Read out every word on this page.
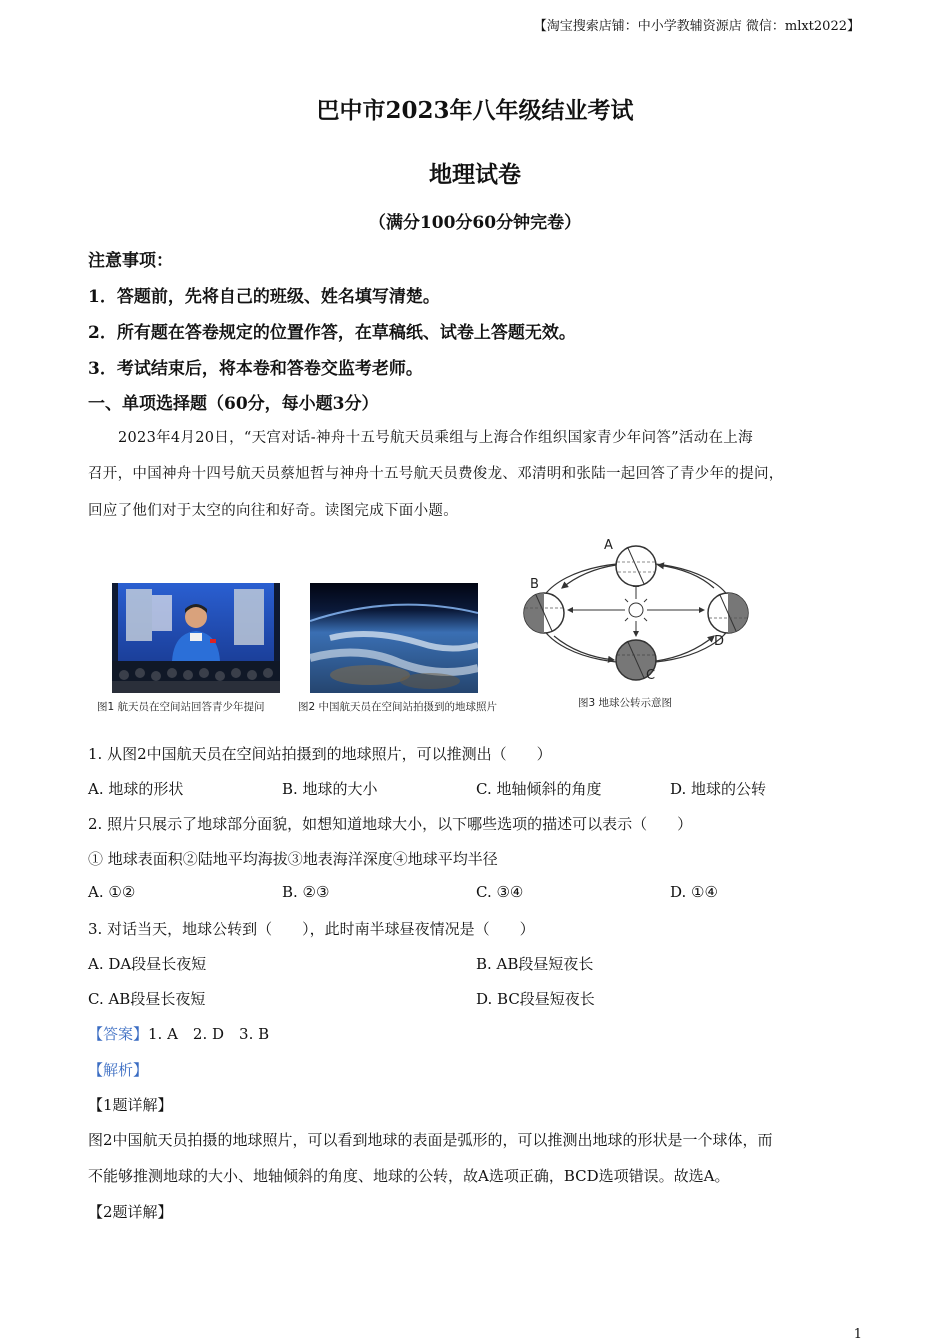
【淘宝搜索店铺：中小学教辅资源店 微信：mlxt2022】
巴中市2023年八年级结业考试
地理试卷
（满分100分60分钟完卷）
注意事项：
1．答题前，先将自己的班级、姓名填写清楚。
2．所有题在答卷规定的位置作答，在草稿纸、试卷上答题无效。
3．考试结束后，将本卷和答卷交监考老师。
一、单项选择题（60分，每小题3分）
2023年4月20日，“天宫对话-神舟十五号航天员乘组与上海合作组织国家青少年问答”活动在上海
召开，中国神舟十四号航天员蔡旭哲与神舟十五号航天员费俊龙、邓清明和张陆一起回答了青少年的提问，
回应了他们对于太空的向往和好奇。读图完成下面小题。
图1 航天员在空间站回答青少年提问	图2 中国航天员在空间站拍摄到的地球照片
A
B
C
D
图3 地球公转示意图
1. 从图2中国航天员在空间站拍摄到的地球照片，可以推测出（　　）
A. 地球的形状	B. 地球的大小	C. 地轴倾斜的角度	D. 地球的公转
2. 照片只展示了地球部分面貌，如想知道地球大小，以下哪些选项的描述可以表示（　　）
① 地球表面积②陆地平均海拔③地表海洋深度④地球平均半径
A. ①②	B. ②③	C. ③④	D. ①④
3. 对话当天，地球公转到（　　），此时南半球昼夜情况是（　　）
A. DA段昼长夜短	B. AB段昼短夜长
C. AB段昼长夜短	D. BC段昼短夜长
【答案】1. A　2. D　3. B
【解析】
【1题详解】
图2中国航天员拍摄的地球照片，可以看到地球的表面是弧形的，可以推测出地球的形状是一个球体，而
不能够推测地球的大小、地轴倾斜的角度、地球的公转，故A选项正确，BCD选项错误。故选A。
【2题详解】
1
